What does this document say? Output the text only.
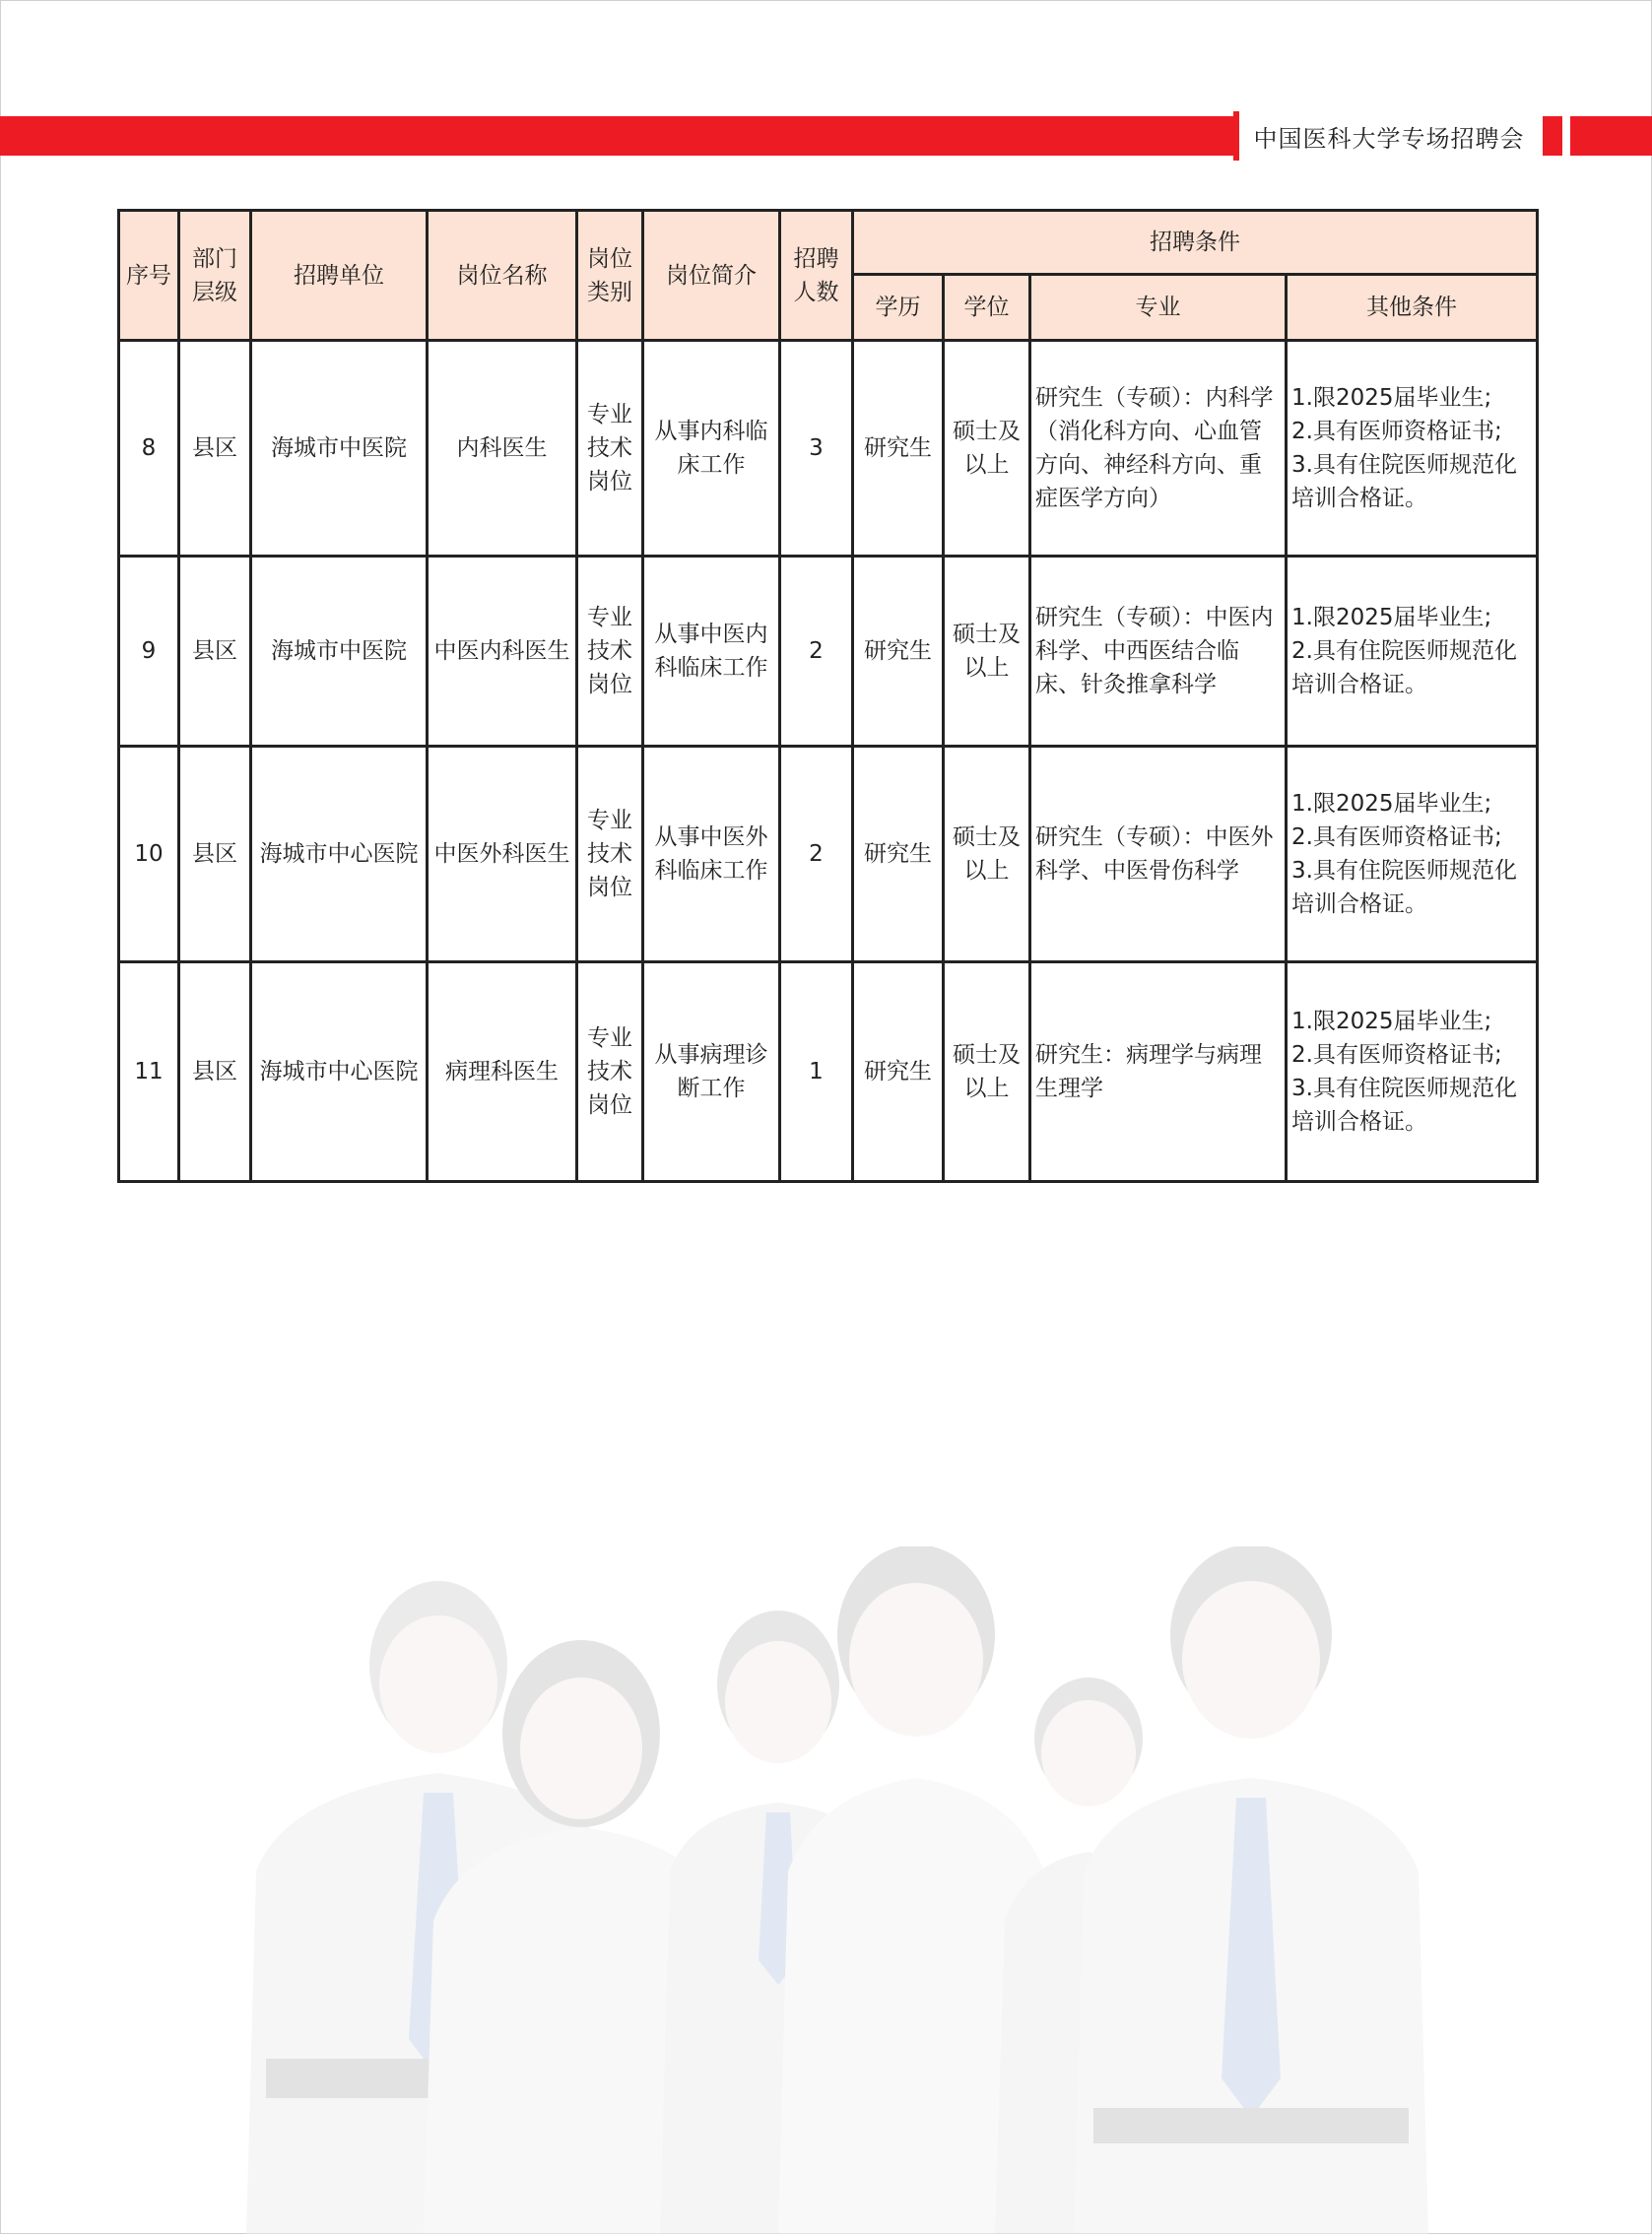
中国医科大学专场招聘会
序号	部门层级	招聘单位	岗位名称	岗位类别	岗位简介	招聘人数	招聘条件			
							学历	学位	专业	其他条件
8	县区	海城市中医院	内科医生	专业技术岗位	从事内科临床工作	3	研究生	硕士及以上	研究生（专硕）：内科学（消化科方向、心血管方向、神经科方向、重症医学方向）	1.限2025届毕业生;
2.具有医师资格证书;
3.具有住院医师规范化培训合格证。

9	县区	海城市中医院	中医内科医生	专业技术岗位	从事中医内科临床工作	2	研究生	硕士及以上	研究生（专硕）：中医内科学、中西医结合临床、针灸推拿科学	1.限2025届毕业生;
2.具有住院医师规范化培训合格证。

10	县区	海城市中心医院	中医外科医生	专业技术岗位	从事中医外科临床工作	2	研究生	硕士及以上	研究生（专硕）：中医外科学、中医骨伤科学	1.限2025届毕业生;
2.具有医师资格证书;
3.具有住院医师规范化培训合格证。

11	县区	海城市中心医院	病理科医生	专业技术岗位	从事病理诊断工作	1	研究生	硕士及以上	研究生：病理学与病理生理学	1.限2025届毕业生;
2.具有医师资格证书;
3.具有住院医师规范化培训合格证。
